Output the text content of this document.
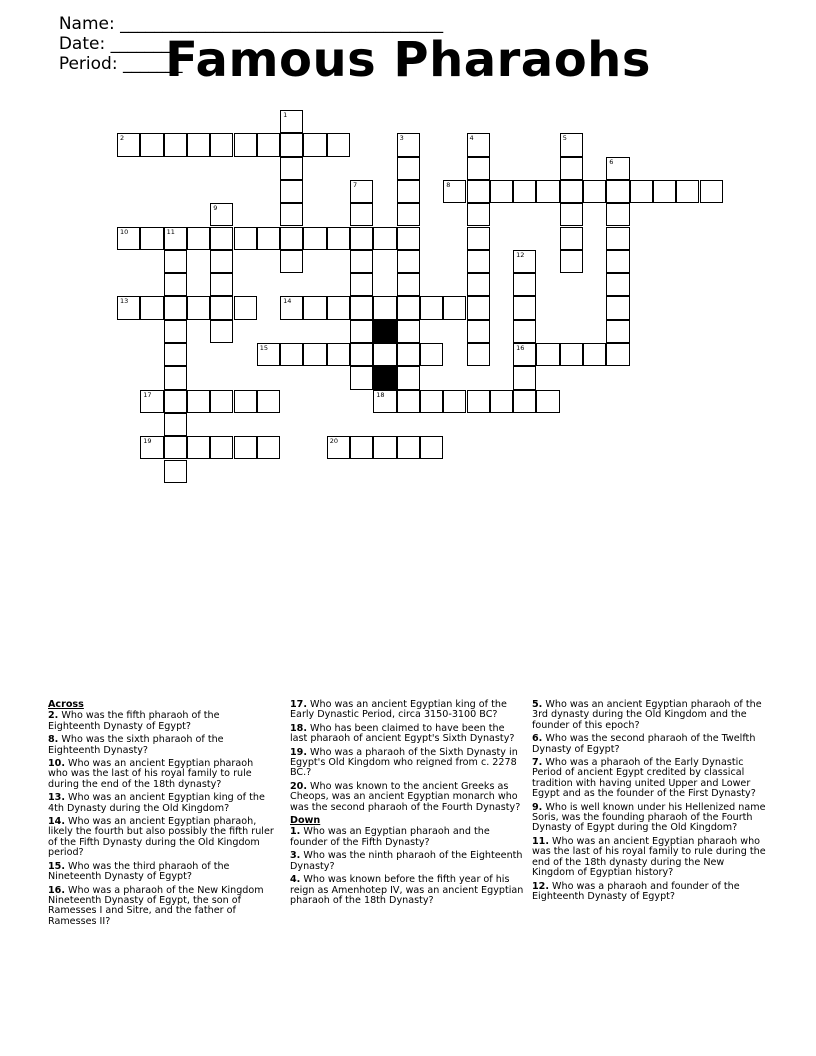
Name: ______________________________________
Date: _______
Period: _______

Famous Pharaohs
2
1
3	4	5
6
7	8
9
10	11
12
16
13	14
15
17	18
19	20
Across
2. Who was the fifth pharaoh of the Eighteenth Dynasty of Egypt?
8. Who was the sixth pharaoh of the Eighteenth Dynasty?
10. Who was an ancient Egyptian pharaoh who was the last of his royal family to rule during the end of the 18th dynasty?
13. Who was an ancient Egyptian king of the 4th Dynasty during the Old Kingdom?
14. Who was an ancient Egyptian pharaoh, likely the fourth but also possibly the fifth ruler of the Fifth Dynasty during the Old Kingdom period?
15. Who was the third pharaoh of the Nineteenth Dynasty of Egypt?
16. Who was a pharaoh of the New Kingdom Nineteenth Dynasty of Egypt, the son of Ramesses I and Sitre, and the father of Ramesses II?
17. Who was an ancient Egyptian king of the Early Dynastic Period, circa 3150-3100 BC?
18. Who has been claimed to have been the last pharaoh of ancient Egypt's Sixth Dynasty?
19. Who was a pharaoh of the Sixth Dynasty in Egypt's Old Kingdom who reigned from c. 2278 BC.?
20. Who was known to the ancient Greeks as Cheops, was an ancient Egyptian monarch who was the second pharaoh of the Fourth Dynasty?
Down
1. Who was an Egyptian pharaoh and the founder of the Fifth Dynasty?
3. Who was the ninth pharaoh of the Eighteenth Dynasty?
4. Who was known before the fifth year of his reign as Amenhotep IV, was an ancient Egyptian pharaoh of the 18th Dynasty?
5. Who was an ancient Egyptian pharaoh of the 3rd dynasty during the Old Kingdom and the founder of this epoch?
6. Who was the second pharaoh of the Twelfth Dynasty of Egypt?
7. Who was a pharaoh of the Early Dynastic Period of ancient Egypt credited by classical tradition with having united Upper and Lower Egypt and as the founder of the First Dynasty?
9. Who is well known under his Hellenized name Soris, was the founding pharaoh of the Fourth Dynasty of Egypt during the Old Kingdom?
11. Who was an ancient Egyptian pharaoh who was the last of his royal family to rule during the end of the 18th dynasty during the New Kingdom of Egyptian history?
12. Who was a pharaoh and founder of the Eighteenth Dynasty of Egypt?
